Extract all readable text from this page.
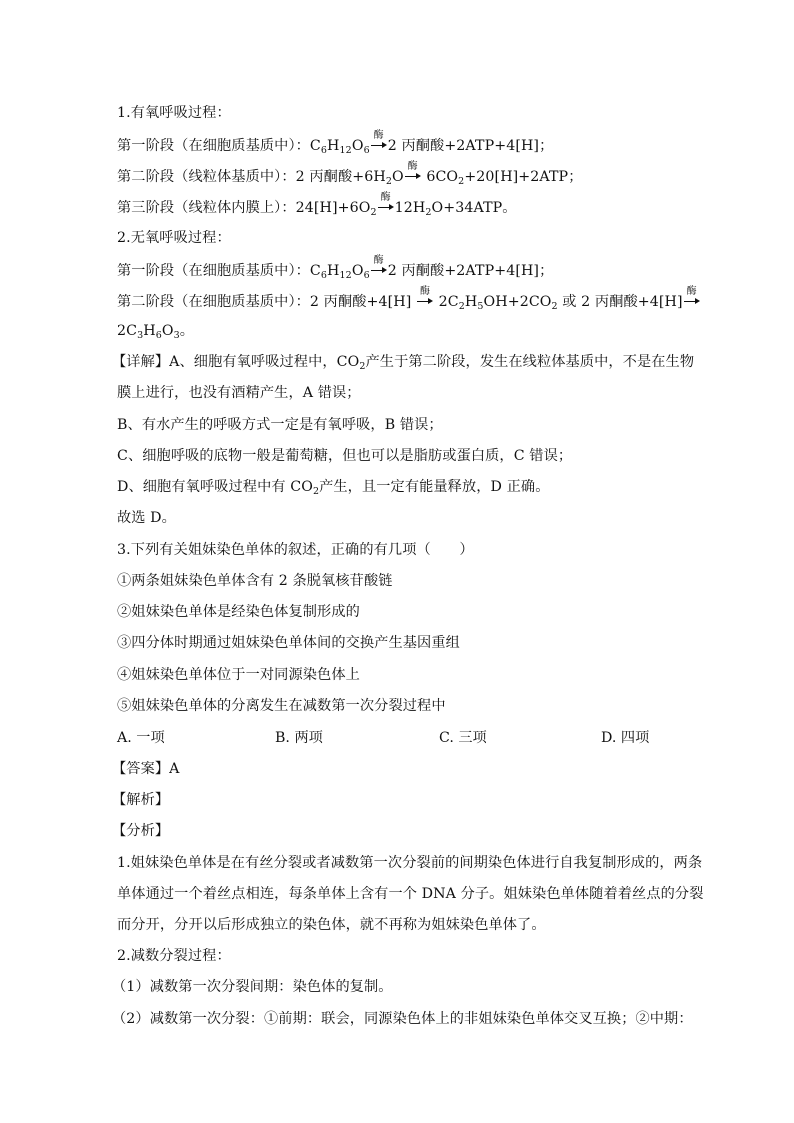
1.有氧呼吸过程：
第一阶段（在细胞质基质中）：$C_6H_{12}O_6$
酶
2 丙酮酸+2ATP+4[H]；
第二阶段（线粒体基质中）：2 丙酮酸$+6H_2O$
酶
$6CO_2+20[H]+2ATP$；
第三阶段（线粒体内膜上）：$24[H]+6O_2$
酶
$12H_2O+34ATP$。
2.无氧呼吸过程：
第一阶段（在细胞质基质中）：$C_6H_{12}O_6$
酶
2 丙酮酸+2ATP+4[H]；
第二阶段（在细胞质基质中）：2 丙酮酸+4[H]
酶
$2C_2H_5OH+2CO_2$ 或 2 丙酮酸+4[H]
酶
$2C_3H_6O_3$。
【详解】A、细胞有氧呼吸过程中，$CO_2$产生于第二阶段，发生在线粒体基质中，不是在生物
膜上进行，也没有酒精产生，A 错误；
B、有水产生的呼吸方式一定是有氧呼吸，B 错误；
C、细胞呼吸的底物一般是葡萄糖，但也可以是脂肪或蛋白质，C 错误；
D、细胞有氧呼吸过程中有 $CO_2$产生，且一定有能量释放，D 正确。
故选 D。
3.下列有关姐妹染色单体的叙述，正确的有几项（　　）
①两条姐妹染色单体含有 2 条脱氧核苷酸链
②姐妹染色单体是经染色体复制形成的
③四分体时期通过姐妹染色单体间的交换产生基因重组
④姐妹染色单体位于一对同源染色体上
⑤姐妹染色单体的分离发生在减数第一次分裂过程中
A. 一项	B. 两项	C. 三项	D. 四项
【答案】A
【解析】
【分析】
1.姐妹染色单体是在有丝分裂或者减数第一次分裂前的间期染色体进行自我复制形成的，两条
单体通过一个着丝点相连，每条单体上含有一个 DNA 分子。姐妹染色单体随着着丝点的分裂
而分开，分开以后形成独立的染色体，就不再称为姐妹染色单体了。
2.减数分裂过程：
（1）减数第一次分裂间期：染色体的复制。
（2）减数第一次分裂：①前期：联会，同源染色体上的非姐妹染色单体交叉互换；②中期：
